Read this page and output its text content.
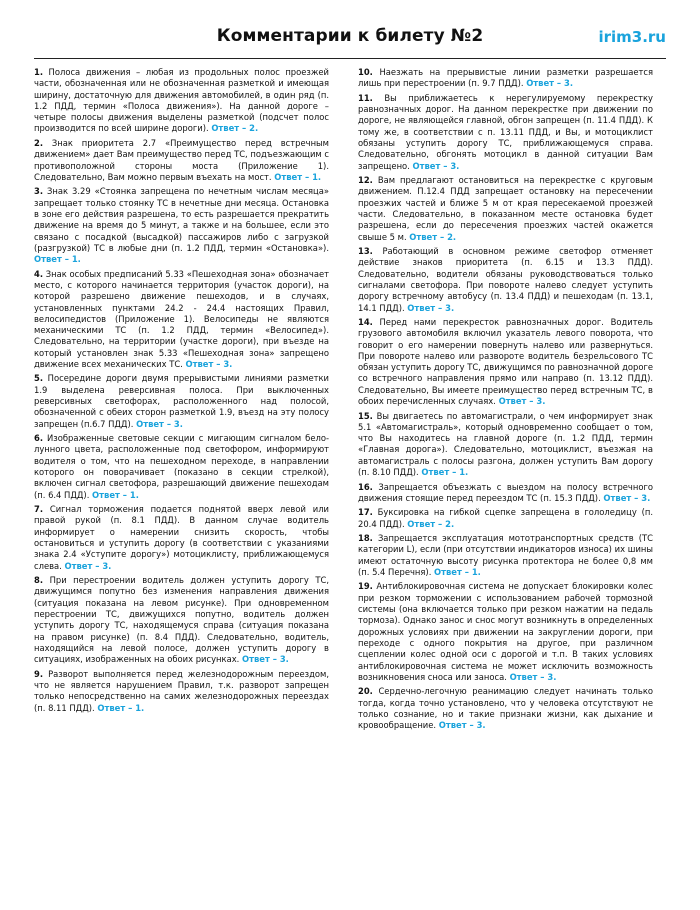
Комментарии к билету №2	irim3.ru

1. Полоса движения – любая из продольных полос проезжей части, обозначенная или не обозначенная разметкой и имеющая ширину, достаточную для движения автомобилей, в один ряд (п. 1.2 ПДД, термин «Полоса движения»). На данной дороге – четыре полосы движения выделены разметкой (подсчет полос производится по всей ширине дороги). Ответ – 2.

2. Знак приоритета 2.7 «Преимущество перед встречным движением» дает Вам преимущество перед ТС, подъезжающим с противоположной стороны моста (Приложение 1). Следовательно, Вам можно первым въехать на мост. Ответ – 1.

3. Знак 3.29 «Стоянка запрещена по нечетным числам месяца» запрещает только стоянку ТС в нечетные дни месяца. Остановка в зоне его действия разрешена, то есть разрешается прекратить движение на время до 5 минут, а также и на большее, если это связано с посадкой (высадкой) пассажиров либо с загрузкой (разгрузкой) ТС в любые дни (п. 1.2 ПДД, термин «Остановка»). Ответ – 1.

4. Знак особых предписаний 5.33 «Пешеходная зона» обозначает место, с которого начинается территория (участок дороги), на которой разрешено движение пешеходов, и в случаях, установленных пунктами 24.2 - 24.4 настоящих Правил, велосипедистов (Приложение 1). Велосипеды не являются механическими ТС (п. 1.2 ПДД, термин «Велосипед»). Следовательно, на территории (участке дороги), при въезде на который установлен знак 5.33 «Пешеходная зона» запрещено движение всех механических ТС. Ответ – 3.

5. Посередине дороги двумя прерывистыми линиями разметки 1.9 выделена реверсивная полоса. При выключенных реверсивных светофорах, расположенного над полосой, обозначенной с обеих сторон разметкой 1.9, въезд на эту полосу запрещен (п.6.7 ПДД). Ответ – 3.

6. Изображенные световые секции с мигающим сигналом бело-лунного цвета, расположенные под светофором, информируют водителя о том, что на пешеходном переходе, в направлении которого он поворачивает (показано в секции стрелкой), включен сигнал светофора, разрешающий движение пешеходам (п. 6.4 ПДД). Ответ – 1.

7. Сигнал торможения подается поднятой вверх левой или правой рукой (п. 8.1 ПДД). В данном случае водитель информирует о намерении снизить скорость, чтобы остановиться и уступить дорогу (в соответствии с указаниями знака 2.4 «Уступите дорогу») мотоциклисту, приближающемуся слева. Ответ – 3.

8. При перестроении водитель должен уступить дорогу ТС, движущимся попутно без изменения направления движения (ситуация показана на левом рисунке). При одновременном перестроении ТС, движущихся попутно, водитель должен уступить дорогу ТС, находящемуся справа (ситуация показана на правом рисунке) (п. 8.4 ПДД). Следовательно, водитель, находящийся на левой полосе, должен уступить дорогу в ситуациях, изображенных на обоих рисунках. Ответ – 3.

9. Разворот выполняется перед железнодорожным переездом, что не является нарушением Правил, т.к. разворот запрещен только непосредственно на самих железнодорожных переездах (п. 8.11 ПДД). Ответ – 1.

10. Наезжать на прерывистые линии разметки разрешается лишь при перестроении (п. 9.7 ПДД). Ответ – 3.

11. Вы приближаетесь к нерегулируемому перекрестку равнозначных дорог. На данном перекрестке при движении по дороге, не являющейся главной, обгон запрещен (п. 11.4 ПДД). К тому же, в соответствии с п. 13.11 ПДД, и Вы, и мотоциклист обязаны уступить дорогу ТС, приближающемуся справа. Следовательно, обгонять мотоцикл в данной ситуации Вам запрещено. Ответ – 3.

12. Вам предлагают остановиться на перекрестке с круговым движением. П.12.4 ПДД запрещает остановку на пересечении проезжих частей и ближе 5 м от края пересекаемой проезжей части. Следовательно, в показанном месте остановка будет разрешена, если до пересечения проезжих частей окажется свыше 5 м. Ответ – 2.

13. Работающий в основном режиме светофор отменяет действие знаков приоритета (п. 6.15 и 13.3 ПДД). Следовательно, водители обязаны руководствоваться только сигналами светофора. При повороте налево следует уступить дорогу встречному автобусу (п. 13.4 ПДД) и пешеходам (п. 13.1, 14.1 ПДД). Ответ – 3.

14. Перед нами перекресток равнозначных дорог. Водитель грузового автомобиля включил указатель левого поворота, что говорит о его намерении повернуть налево или развернуться. При повороте налево или развороте водитель безрельсового ТС обязан уступить дорогу ТС, движущимся по равнозначной дороге со встречного направления прямо или направо (п. 13.12 ПДД). Следовательно, Вы имеете преимущество перед встречным ТС, в обоих перечисленных случаях. Ответ – 3.

15. Вы двигаетесь по автомагистрали, о чем информирует знак 5.1 «Автомагистраль», который одновременно сообщает о том, что Вы находитесь на главной дороге (п. 1.2 ПДД, термин «Главная дорога»). Следовательно, мотоциклист, въезжая на автомагистраль с полосы разгона, должен уступить Вам дорогу (п. 8.10 ПДД). Ответ – 1.

16. Запрещается объезжать с выездом на полосу встречного движения стоящие перед переездом ТС (п. 15.3 ПДД). Ответ – 3.

17. Буксировка на гибкой сцепке запрещена в гололедицу (п. 20.4 ПДД). Ответ – 2.

18. Запрещается эксплуатация мототранспортных средств (ТС категории L), если (при отсутствии индикаторов износа) их шины имеют остаточную высоту рисунка протектора не более 0,8 мм (п. 5.4 Перечня). Ответ – 1.

19. Антиблокировочная система не допускает блокировки колес при резком торможении с использованием рабочей тормозной системы (она включается только при резком нажатии на педаль тормоза). Однако занос и снос могут возникнуть в определенных дорожных условиях при движении на закруглении дороги, при переходе с одного покрытия на другое, при различном сцеплении колес одной оси с дорогой и т.п. В таких условиях антиблокировочная система не может исключить возможность возникновения сноса или заноса. Ответ – 3.

20. Сердечно-легочную реанимацию следует начинать только тогда, когда точно установлено, что у человека отсутствуют не только сознание, но и такие признаки жизни, как дыхание и кровообращение. Ответ – 3.
